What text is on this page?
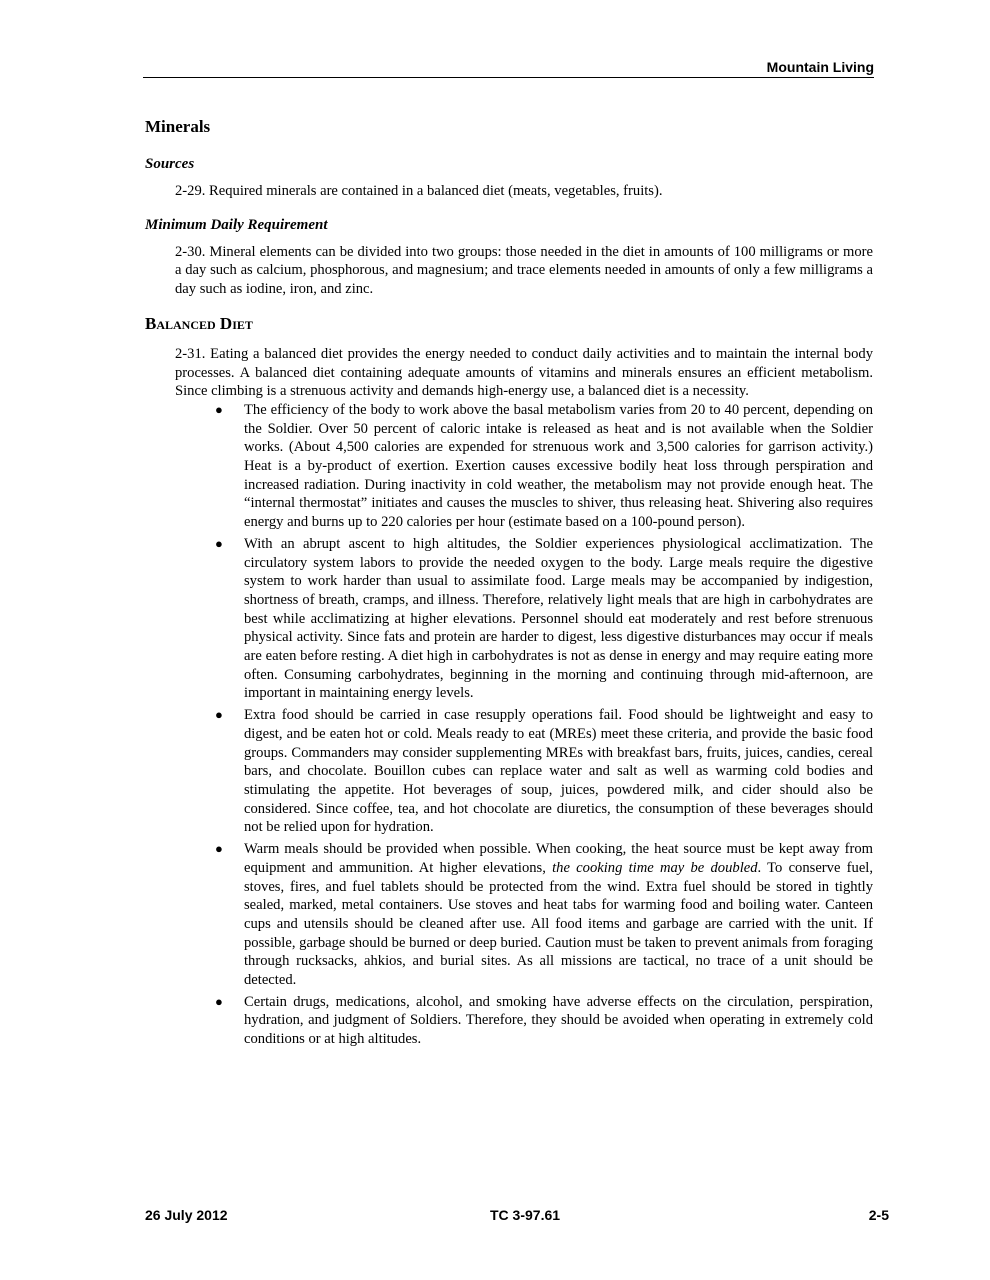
Mountain Living
Minerals
Sources

2-29. Required minerals are contained in a balanced diet (meats, vegetables, fruits).

Minimum Daily Requirement

2-30. Mineral elements can be divided into two groups: those needed in the diet in amounts of 100 milligrams or more a day such as calcium, phosphorous, and magnesium; and trace elements needed in amounts of only a few milligrams a day such as iodine, iron, and zinc.

Balanced Diet

2-31. Eating a balanced diet provides the energy needed to conduct daily activities and to maintain the internal body processes. A balanced diet containing adequate amounts of vitamins and minerals ensures an efficient metabolism. Since climbing is a strenuous activity and demands high-energy use, a balanced diet is a necessity.

● The efficiency of the body to work above the basal metabolism varies from 20 to 40 percent, depending on the Soldier. Over 50 percent of caloric intake is released as heat and is not available when the Soldier works. (About 4,500 calories are expended for strenuous work and 3,500 calories for garrison activity.) Heat is a by-product of exertion. Exertion causes excessive bodily heat loss through perspiration and increased radiation. During inactivity in cold weather, the metabolism may not provide enough heat. The “internal thermostat” initiates and causes the muscles to shiver, thus releasing heat. Shivering also requires energy and burns up to 220 calories per hour (estimate based on a 100-pound person).
● With an abrupt ascent to high altitudes, the Soldier experiences physiological acclimatization. The circulatory system labors to provide the needed oxygen to the body. Large meals require the digestive system to work harder than usual to assimilate food. Large meals may be accompanied by indigestion, shortness of breath, cramps, and illness. Therefore, relatively light meals that are high in carbohydrates are best while acclimatizing at higher elevations. Personnel should eat moderately and rest before strenuous physical activity. Since fats and protein are harder to digest, less digestive disturbances may occur if meals are eaten before resting. A diet high in carbohydrates is not as dense in energy and may require eating more often. Consuming carbohydrates, beginning in the morning and continuing through mid-afternoon, are important in maintaining energy levels.
● Extra food should be carried in case resupply operations fail. Food should be lightweight and easy to digest, and be eaten hot or cold. Meals ready to eat (MREs) meet these criteria, and provide the basic food groups. Commanders may consider supplementing MREs with breakfast bars, fruits, juices, candies, cereal bars, and chocolate. Bouillon cubes can replace water and salt as well as warming cold bodies and stimulating the appetite. Hot beverages of soup, juices, powdered milk, and cider should also be considered. Since coffee, tea, and hot chocolate are diuretics, the consumption of these beverages should not be relied upon for hydration.
● Warm meals should be provided when possible. When cooking, the heat source must be kept away from equipment and ammunition. At higher elevations, the cooking time may be doubled. To conserve fuel, stoves, fires, and fuel tablets should be protected from the wind. Extra fuel should be stored in tightly sealed, marked, metal containers. Use stoves and heat tabs for warming food and boiling water. Canteen cups and utensils should be cleaned after use. All food items and garbage are carried with the unit. If possible, garbage should be burned or deep buried. Caution must be taken to prevent animals from foraging through rucksacks, ahkios, and burial sites. As all missions are tactical, no trace of a unit should be detected.
● Certain drugs, medications, alcohol, and smoking have adverse effects on the circulation, perspiration, hydration, and judgment of Soldiers. Therefore, they should be avoided when operating in extremely cold conditions or at high altitudes.
26 July 2012	TC 3-97.61	2-5
